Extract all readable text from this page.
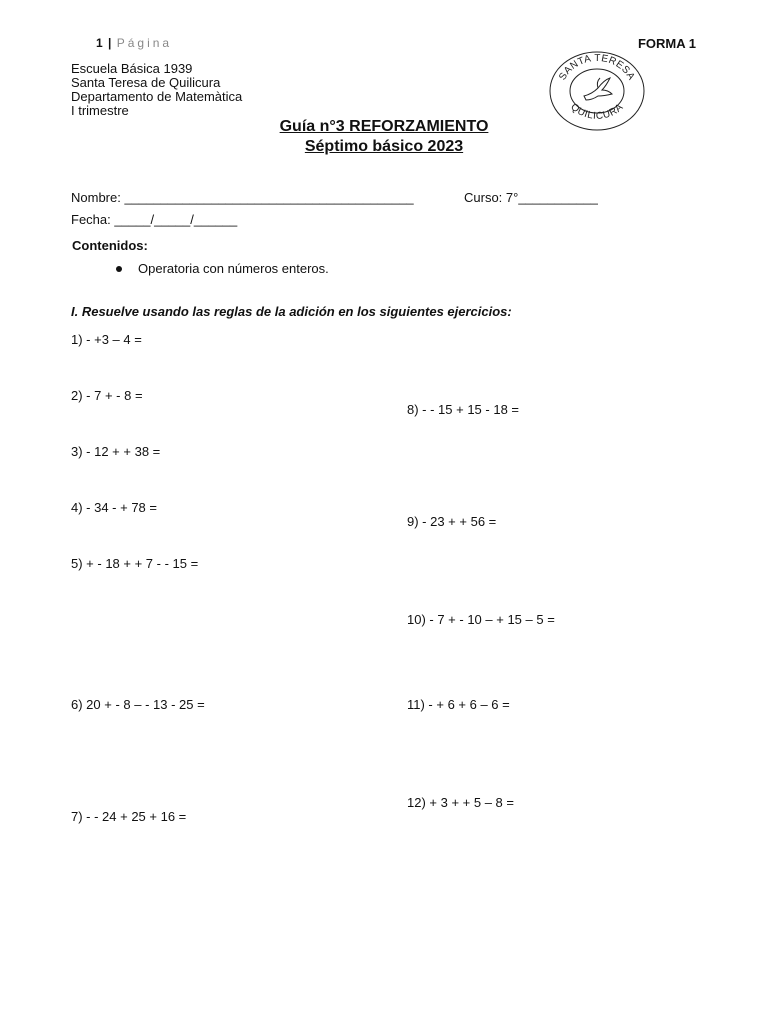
1 | Página	FORMA 1
Escuela Básica 1939
Santa Teresa de Quilicura
Departamento de Matemàtica
I trimestre
SANTA TERESA
QUILICURA
Guía n°3 REFORZAMIENTO
Séptimo básico 2023
Nombre: ________________________________________	Curso: 7°___________
Fecha: _____/_____/______
Contenidos:
Operatoria con números enteros.
I. Resuelve usando las reglas de la adición en los siguientes ejercicios:
1) - +3 – 4 =
2) - 7 + - 8 =
3) - 12 + + 38 =
4) - 34 - + 78 =
5) + - 18 + + 7 - - 15 =
6) 20 + - 8 – - 13 - 25 =
7) - - 24 + 25 + 16 =
8) - - 15 + 15 - 18 =
9) - 23 + + 56 =
10) - 7 + - 10 – + 15 – 5 =
11) - + 6 + 6 – 6 =
12) + 3 + + 5 – 8 =
